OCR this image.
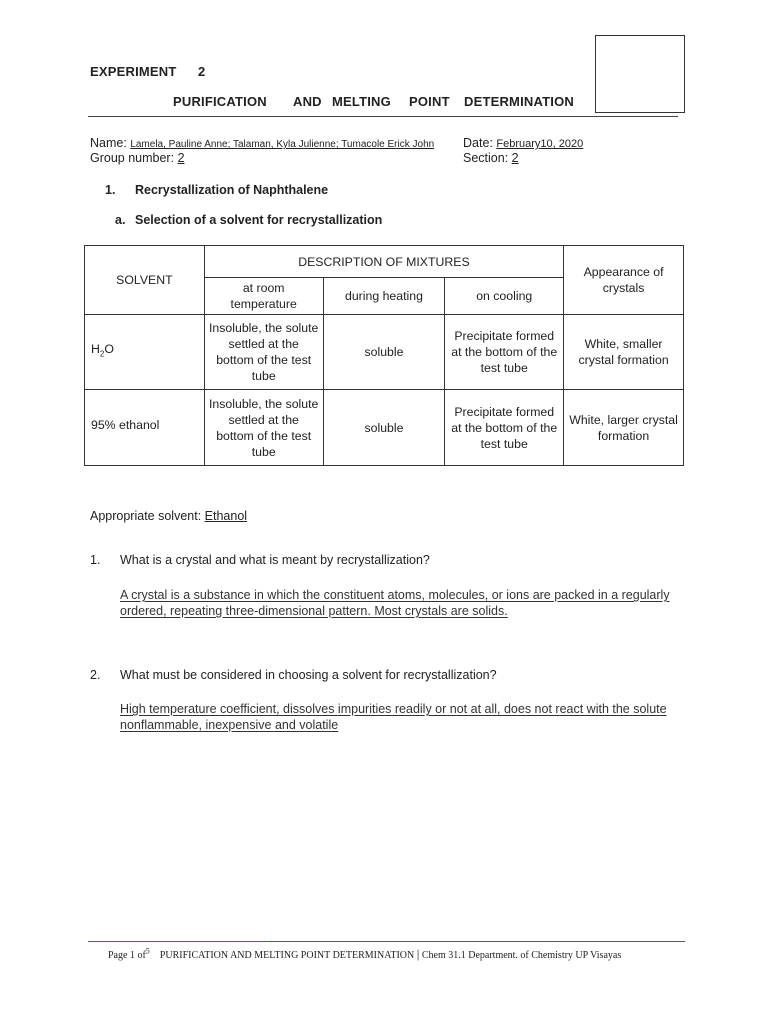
EXPERIMENT 2
PURIFICATION AND MELTING POINT DETERMINATION
Name: Lamela, Pauline Anne; Talaman, Kyla Julienne; Tumacole Erick John
Group number: 2
Date: February10, 2020
Section: 2
1. Recrystallization of Naphthalene
a. Selection of a solvent for recrystallization
SOLVENT	DESCRIPTION OF MIXTURES			Appearance of crystals
	at room temperature	during heating	on cooling	
$H_2O$	Insoluble, the solute settled at the bottom of the test tube	soluble	Precipitate formed at the bottom of the test tube	White, smaller crystal formation
95% ethanol	Insoluble, the solute settled at the bottom of the test tube	soluble	Precipitate formed at the bottom of the test tube	White, larger crystal formation
Appropriate solvent: Ethanol
1. What is a crystal and what is meant by recrystallization?
A crystal is a substance in which the constituent atoms, molecules, or ions are packed in a regularly
ordered, repeating three-dimensional pattern. Most crystals are solids.
2. What must be considered in choosing a solvent for recrystallization?
High temperature coefficient, dissolves impurities readily or not at all, does not react with the solute
nonflammable, inexpensive and volatile
Page 1 $of^5$ PURIFICATION AND MELTING POINT DETERMINATION | Chem 31.1 Department. of Chemistry UP Visayas
